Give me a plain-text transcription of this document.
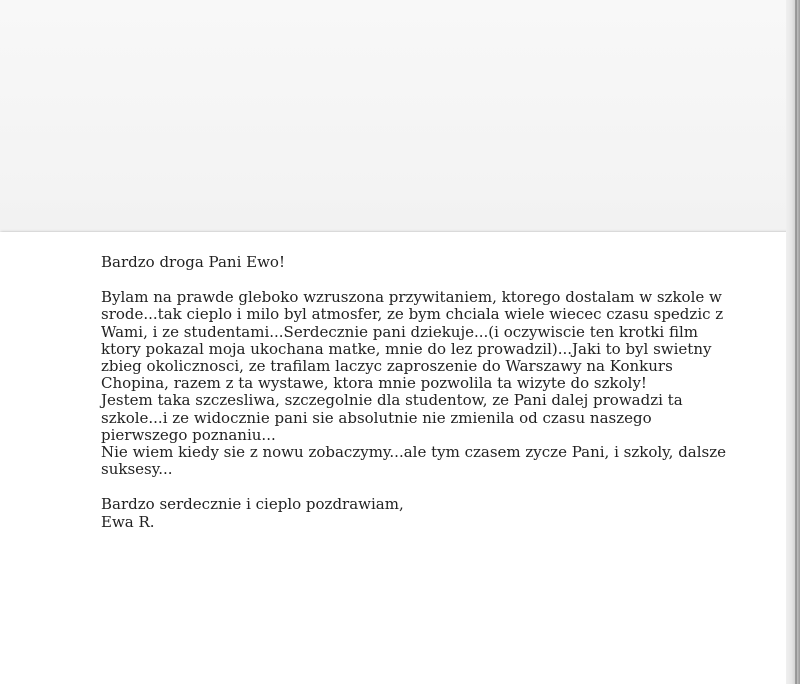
Bardzo droga Pani Ewo!

Bylam na prawde gleboko wzruszona przywitaniem, ktorego dostalam w szkole w
srode...tak cieplo i milo byl atmosfer, ze bym chciala wiele wiecec czasu spedzic z
Wami, i ze studentami...Serdecznie pani dziekuje...(i oczywiscie ten krotki film
ktory pokazal moja ukochana matke, mnie do lez prowadzil)...Jaki to byl swietny
zbieg okolicznosci, ze trafilam laczyc zaproszenie do Warszawy na Konkurs
Chopina, razem z ta wystawe, ktora mnie pozwolila ta wizyte do szkoly!
Jestem taka szczesliwa, szczegolnie dla studentow, ze Pani dalej prowadzi ta
szkole...i ze widocznie pani sie absolutnie nie zmienila od czasu naszego
pierwszego poznaniu...
Nie wiem kiedy sie z nowu zobaczymy...ale tym czasem zycze Pani, i szkoly, dalsze
suksesy...

Bardzo serdecznie i cieplo pozdrawiam,
Ewa R.
